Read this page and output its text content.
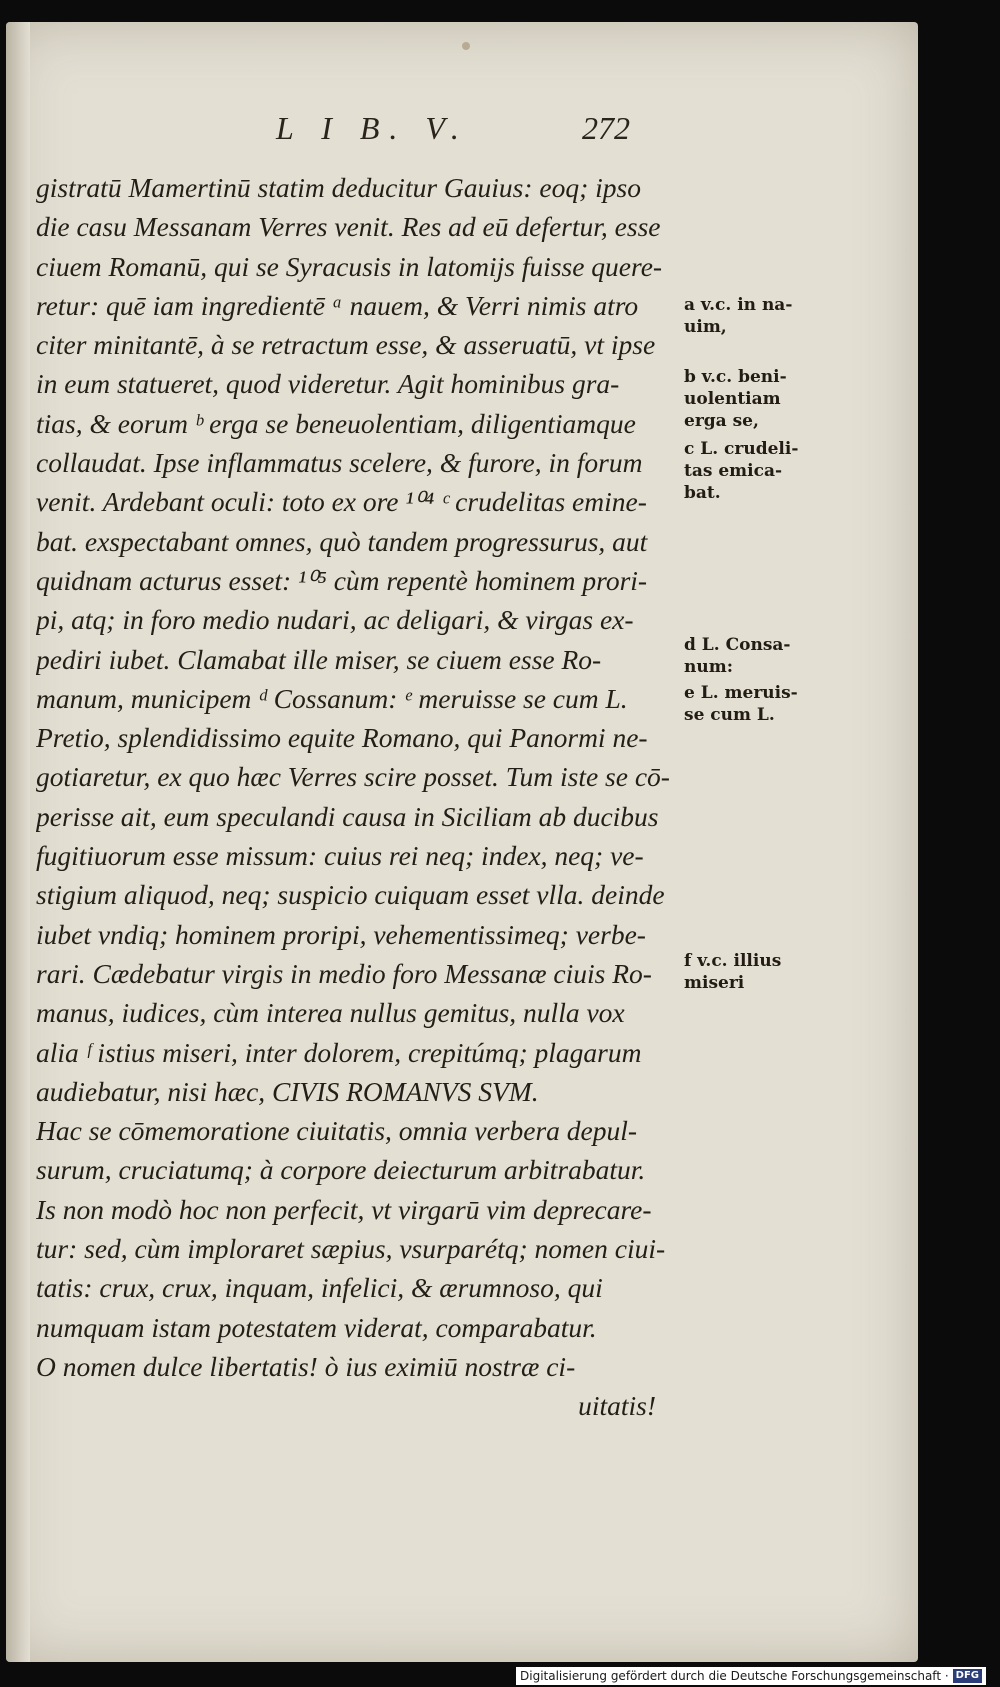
L I B. V.	272
gistratū Mamertinū statim deducitur Gauius: eoq; ipso
die casu Messanam Verres venit. Res ad eū defertur, esse
ciuem Romanū, qui se Syracusis in latomijs fuisse quere-
retur: quē iam ingredientē ᵃ nauem, & Verri nimis atro
citer minitantē, à se retractum esse, & asseruatū, vt ipse
in eum statueret, quod videretur. Agit hominibus gra-
tias, & eorum ᵇ erga se beneuolentiam, diligentiamque
collaudat. Ipse inflammatus scelere, & furore, in forum
venit. Ardebant oculi: toto ex ore ¹⁰⁴ ᶜ crudelitas emine-
bat. exspectabant omnes, quò tandem progressurus, aut
quidnam acturus esset: ¹⁰⁵ cùm repentè hominem prori-
pi, atq; in foro medio nudari, ac deligari, & virgas ex-
pediri iubet. Clamabat ille miser, se ciuem esse Ro-
manum, municipem ᵈ Cossanum: ᵉ meruisse se cum L.
Pretio, splendidissimo equite Romano, qui Panormi ne-
gotiaretur, ex quo hæc Verres scire posset. Tum iste se cō-
perisse ait, eum speculandi causa in Siciliam ab ducibus
fugitiuorum esse missum: cuius rei neq; index, neq; ve-
stigium aliquod, neq; suspicio cuiquam esset vlla. deinde
iubet vndiq; hominem proripi, vehementissimeq; verbe-
rari. Cædebatur virgis in medio foro Messanæ ciuis Ro-
manus, iudices, cùm interea nullus gemitus, nulla vox
alia ᶠ istius miseri, inter dolorem, crepitúmq; plagarum
audiebatur, nisi hæc, CIVIS ROMANVS SVM.
Hac se cōmemoratione ciuitatis, omnia verbera depul-
surum, cruciatumq; à corpore deiecturum arbitrabatur.
Is non modò hoc non perfecit, vt virgarū vim deprecare-
tur: sed, cùm imploraret sæpius, vsurparétq; nomen ciui-
tatis: crux, crux, inquam, infelici, & ærumnoso, qui
numquam istam potestatem viderat, comparabatur.
O nomen dulce libertatis! ò ius eximiū nostræ ci-
uitatis!
a v.c. in na-
uim,
b v.c. beni-
uolentiam
erga se,
c L. crudeli-
tas emica-
bat.
d L. Consa-
num:
e L. meruis-
se cum L.
f v.c. illius
miseri
Digitalisierung gefördert durch die Deutsche Forschungsgemeinschaft · DFG
